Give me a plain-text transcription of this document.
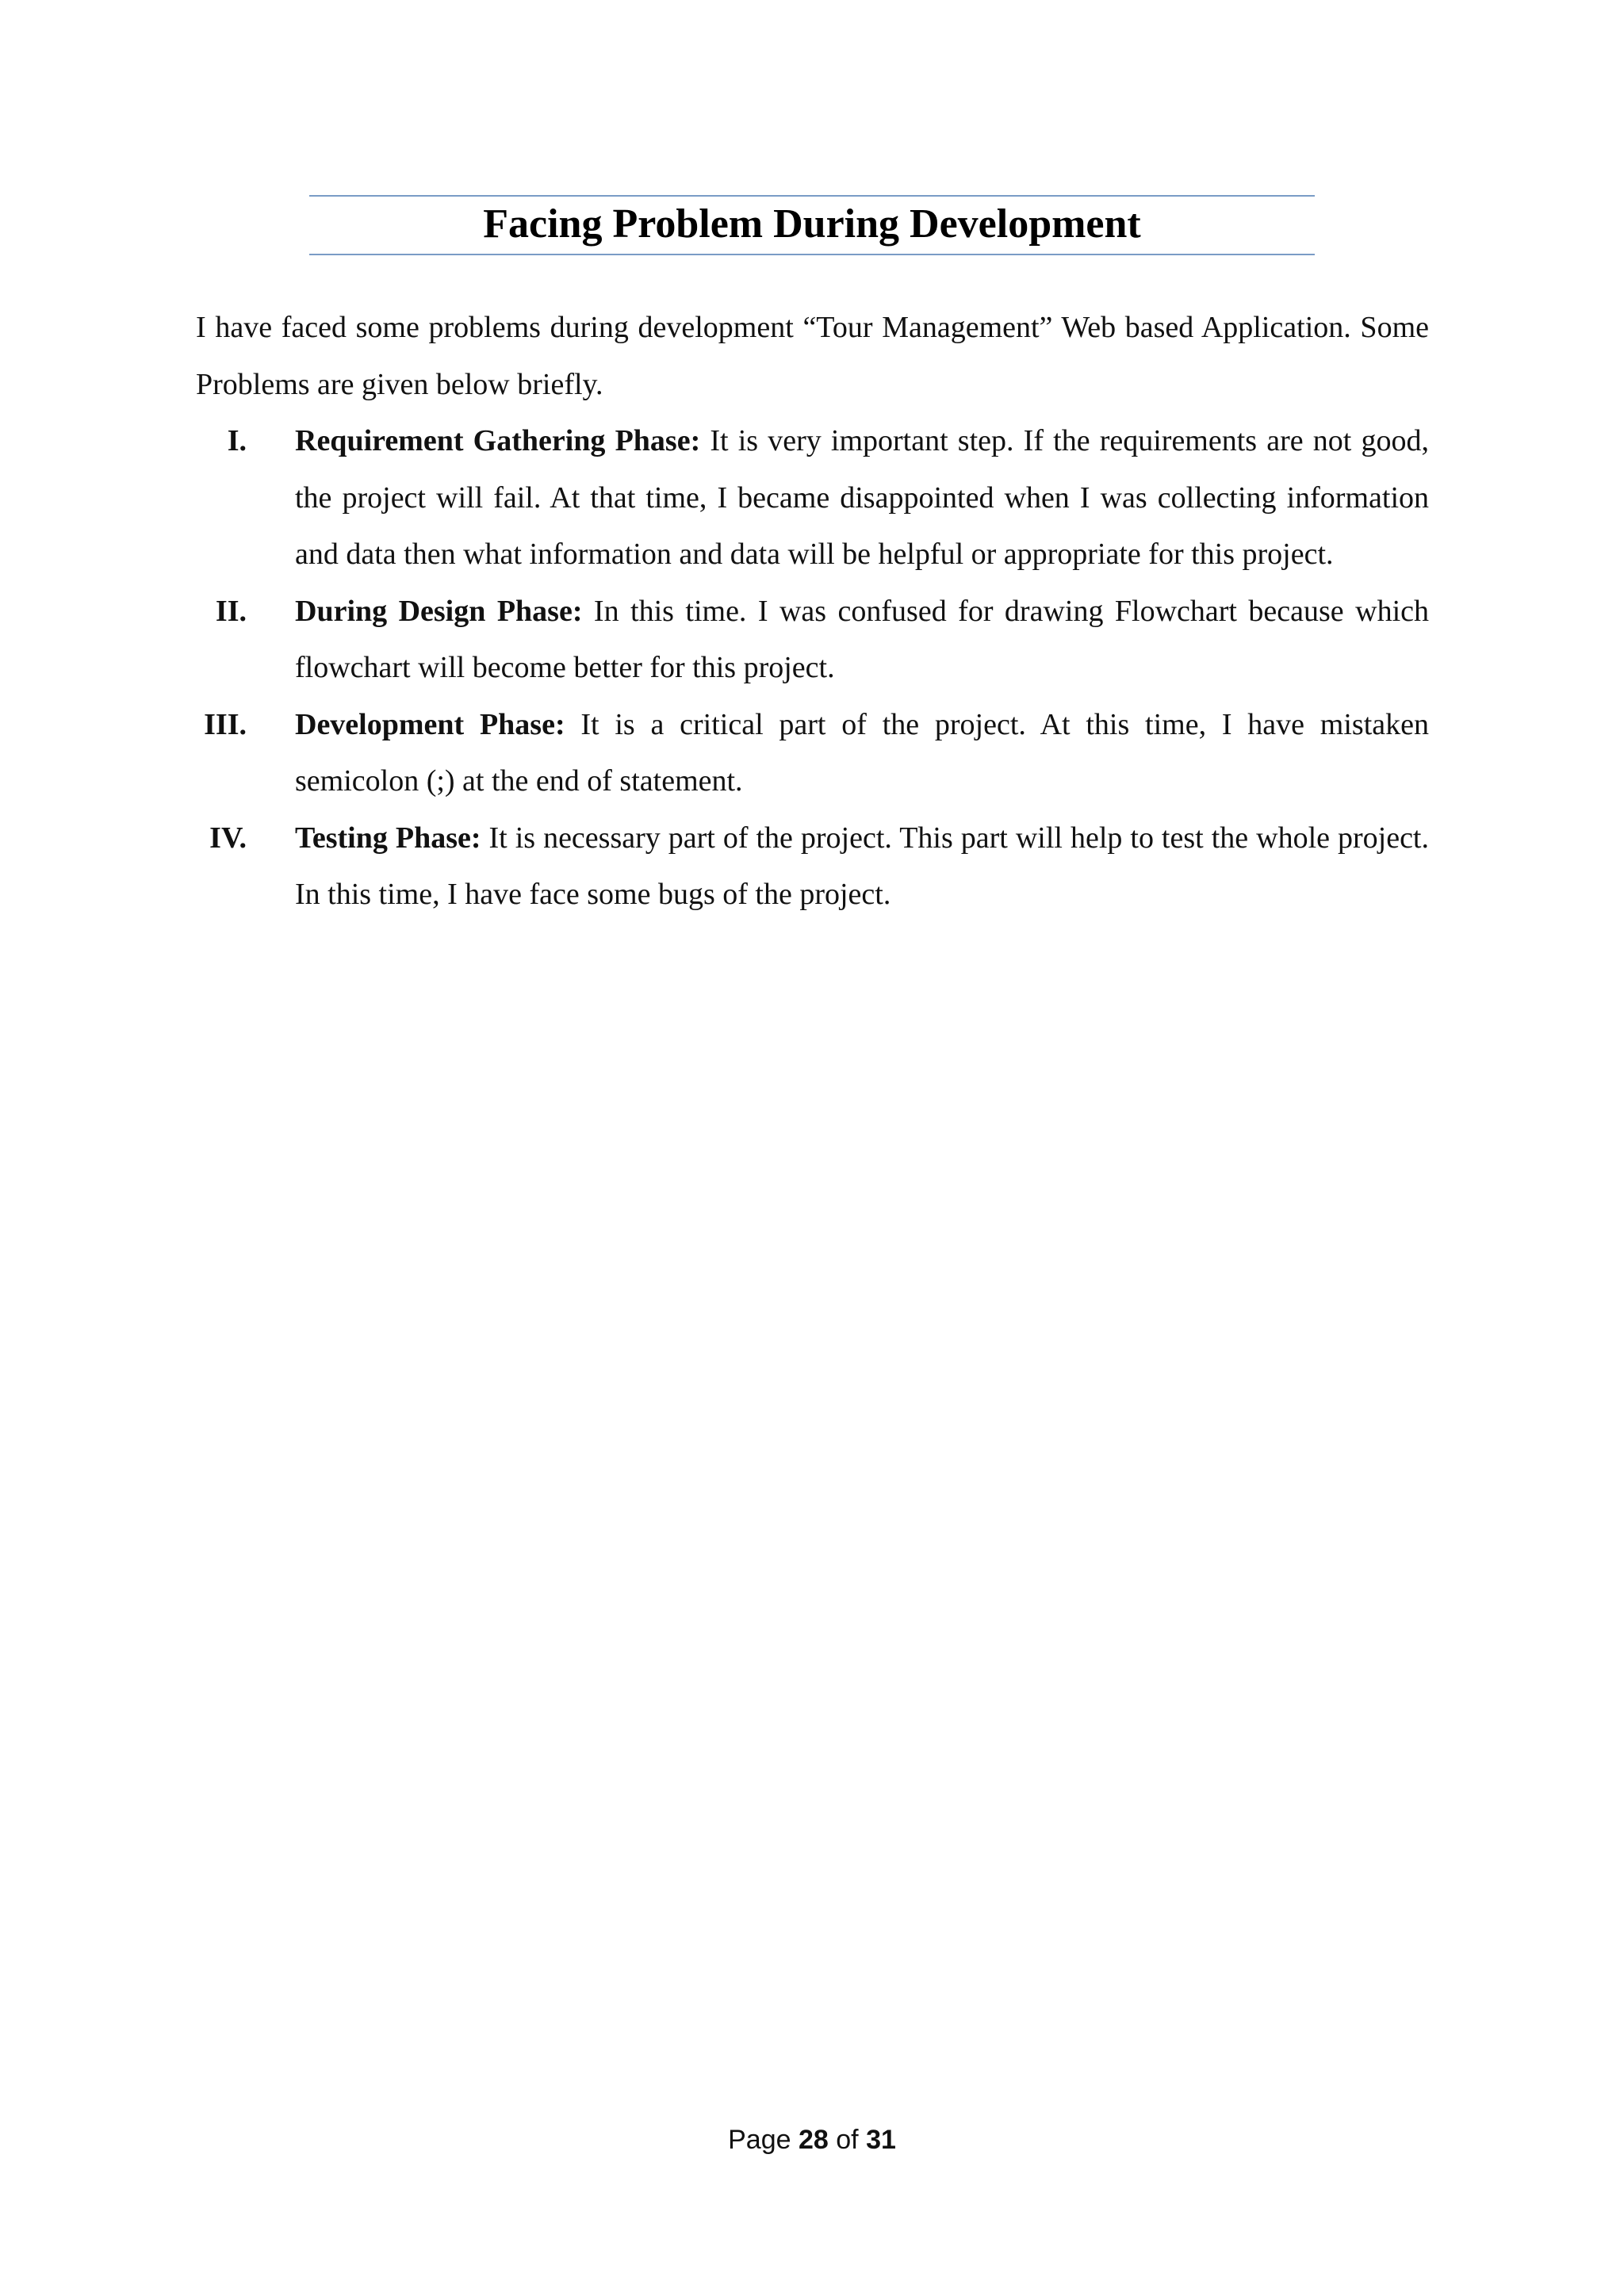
Facing Problem During Development

I have faced some problems during development “Tour Management” Web based Application. Some Problems are given below briefly.

I. Requirement Gathering Phase: It is very important step. If the requirements are not good, the project will fail. At that time, I became disappointed when I was collecting information and data then what information and data will be helpful or appropriate for this project.
II. During Design Phase: In this time. I was confused for drawing Flowchart because which flowchart will become better for this project.
III. Development Phase: It is a critical part of the project. At this time, I have mistaken semicolon (;) at the end of statement.
IV. Testing Phase: It is necessary part of the project. This part will help to test the whole project. In this time, I have face some bugs of the project.
Page 28 of 31
